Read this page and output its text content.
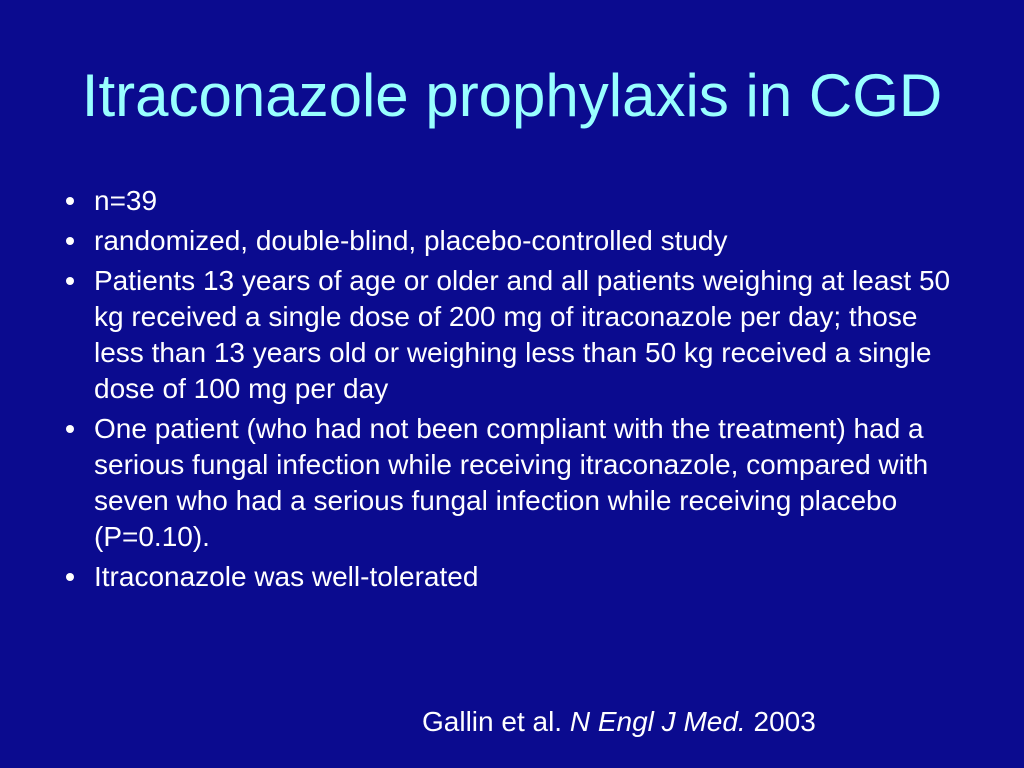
Itraconazole prophylaxis in CGD
n=39
randomized, double-blind, placebo-controlled study
Patients 13 years of age or older and all patients weighing at least 50 kg received a single dose of 200 mg of itraconazole per day; those less than 13 years old or weighing less than 50 kg received a single dose of 100 mg per day
One patient (who had not been compliant with the treatment) had a serious fungal infection while receiving itraconazole, compared with seven who had a serious fungal infection while receiving placebo (P=0.10).
Itraconazole was well-tolerated
Gallin et al. N Engl J Med. 2003
